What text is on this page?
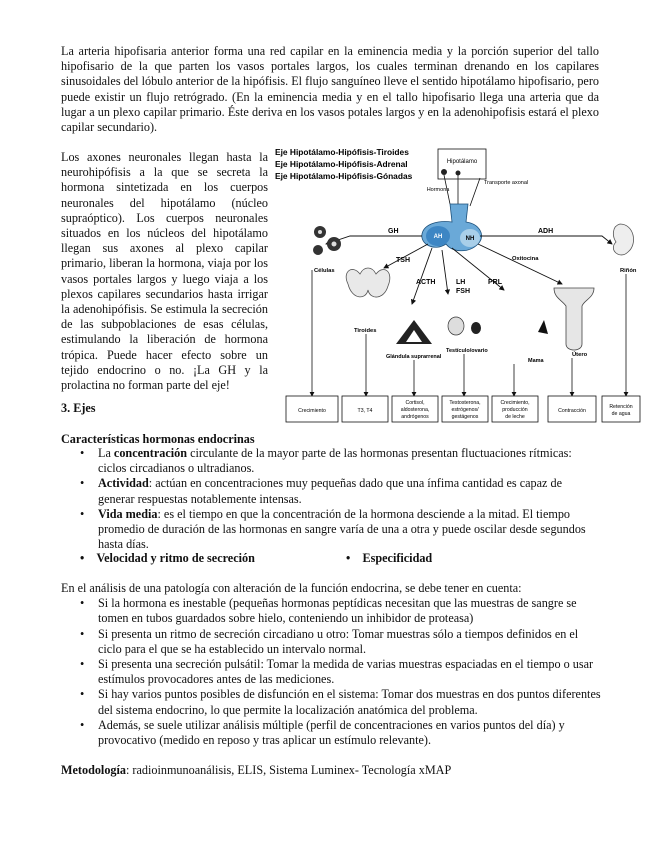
La arteria hipofisaria anterior forma una red capilar en la eminencia media y la porción superior del tallo hipofisario de la que parten los vasos portales largos, los cuales terminan drenando en los capilares sinusoidales del lóbulo anterior de la hipófisis. El flujo sanguíneo lleve el sentido hipotálamo hipofisario, pero puede existir un flujo retrógrado. (En la eminencia media y en el tallo hipofisario llega una arteria que da lugar a un plexo capilar primario. Éste deriva en los vasos potales largos y en la adenohipofisis estará el plexo capilar secundario).

Los axones neuronales llegan hasta la neurohipófisis a la que se secreta la hormona sintetizada en los cuerpos neuronales del hipotálamo (núcleo supraóptico). Los cuerpos neuronales situados en los núcleos del hipotálamo llegan sus axones al plexo capilar primario, liberan la hormona, viaja por los vasos portales largos y luego viaja a los plexos capilares secundarios hasta irrigar la adenohipófisis. Se estimula la secreción de las subpoblaciones de esas células, estimulando la liberación de hormona trópica. Puede hacer efecto sobre un tejido endocrino o no. ¡La GH y la prolactina no forman parte del eje!

Eje Hipotálamo-Hipófisis-Tiroides
Eje Hipotálamo-Hipófisis-Adrenal
Eje Hipotálamo-Hipófisis-Gónadas
Hipotálamo
Hormona
Transporte axonal
AH	NH
GH	ADH
TSH
ACTH	LH
FSH
PRL
Oxitocina
Células
Tiroides
Glándula suprarrenal
Testículo/ovario
Mama
Útero
Riñón
Crecimiento	T3, T4
Cortisol,
aldosterona,
andrógenos
Testosterona,
estrógenos/
gestágenos
Crecimiento,
producción
de leche
Contracción
Retención
de agua

3. Ejes

Características hormonas endocrinas

• La concentración circulante de la mayor parte de las hormonas presentan fluctuaciones rítmicas: ciclos circadianos o ultradianos.
• Actividad: actúan en concentraciones muy pequeñas dado que una ínfima cantidad es capaz de generar respuestas notablemente intensas.
• Vida media: es el tiempo en que la concentración de la hormona desciende a la mitad. El tiempo promedio de duración de las hormonas en sangre varía de una a otra y puede oscilar desde segundos hasta días.
•    Velocidad y ritmo de secreción	•    Especificidad

En el análisis de una patología con alteración de la función endocrina, se debe tener en cuenta:

• Si la hormona es inestable (pequeñas hormonas peptídicas necesitan que las muestras de sangre se tomen en tubos guardados sobre hielo, conteniendo un inhibidor de proteasa)
• Si presenta un ritmo de secreción circadiano u otro: Tomar muestras sólo a tiempos definidos en el ciclo para el que se ha establecido un intervalo normal.
• Si presenta una secreción pulsátil: Tomar la medida de varias muestras espaciadas en el tiempo o usar estímulos provocadores antes de las mediciones.
• Si hay varios puntos posibles de disfunción en el sistema: Tomar dos muestras en dos puntos diferentes del sistema endocrino, lo que permite la localización anatómica del problema.
• Además, se suele utilizar análisis múltiple (perfil de concentraciones en varios puntos del día) y provocativo (medido en reposo y tras aplicar un estímulo relevante).

Metodología: radioinmunoanálisis, ELIS, Sistema Luminex- Tecnología xMAP
